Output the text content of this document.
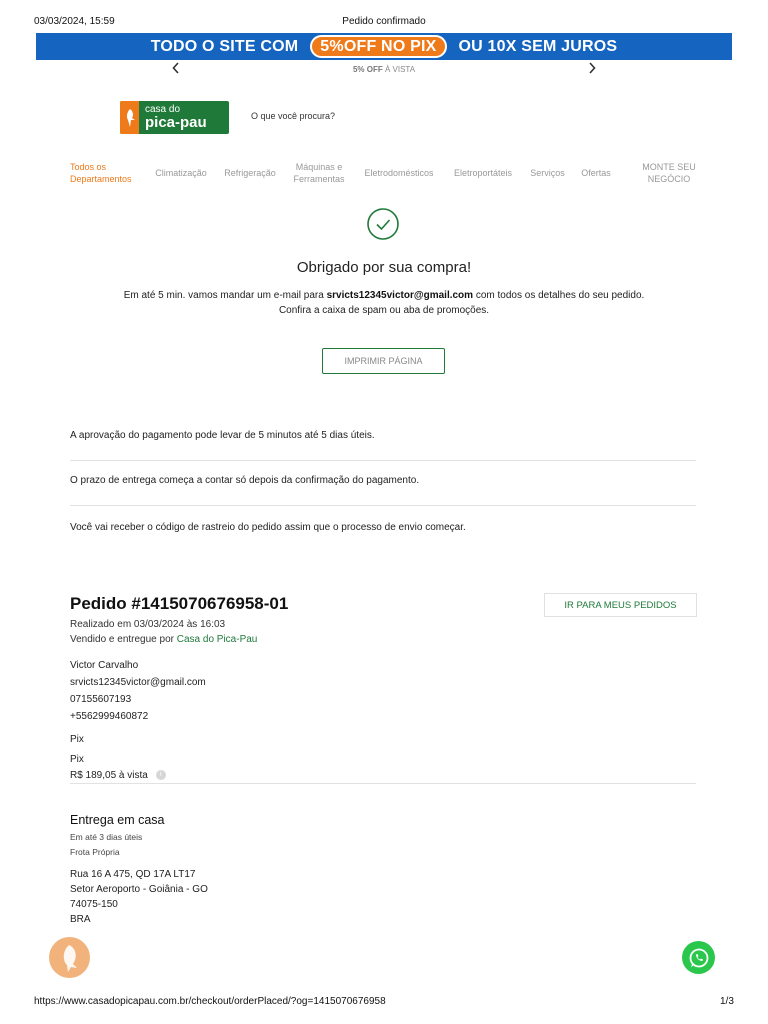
03/03/2024, 15:59	Pedido confirmado
TODO O SITE COM	5%OFF NO PIX	OU 10X SEM JUROS
5% OFF À VISTA
casa do
pica-pau	O que você procura?
Todos os
Departamentos
Climatização	Refrigeração
Máquinas e
Ferramentas
Eletrodomésticos	Eletroportáteis	Serviços	Ofertas
MONTE SEU
NEGÓCIO
Obrigado por sua compra!
Em até 5 min. vamos mandar um e-mail para srvicts12345victor@gmail.com com todos os detalhes do seu pedido.
Confira a caixa de spam ou aba de promoções.
IMPRIMIR PÁGINA
A aprovação do pagamento pode levar de 5 minutos até 5 dias úteis.
O prazo de entrega começa a contar só depois da confirmação do pagamento.
Você vai receber o código de rastreio do pedido assim que o processo de envio começar.
Pedido #1415070676958-01	IR PARA MEUS PEDIDOS
Realizado em 03/03/2024 às 16:03
Vendido e entregue por Casa do Pica-Pau
Victor Carvalho
srvicts12345victor@gmail.com
07155607193
+5562999460872
Pix
Pix
R$ 189,05 à vista i
Entrega em casa
Em até 3 dias úteis
Frota Própria
Rua 16 A 475, QD 17A LT17
Setor Aeroporto - Goiânia - GO
74075-150
BRA
https://www.casadopicapau.com.br/checkout/orderPlaced/?og=1415070676958	1/3
